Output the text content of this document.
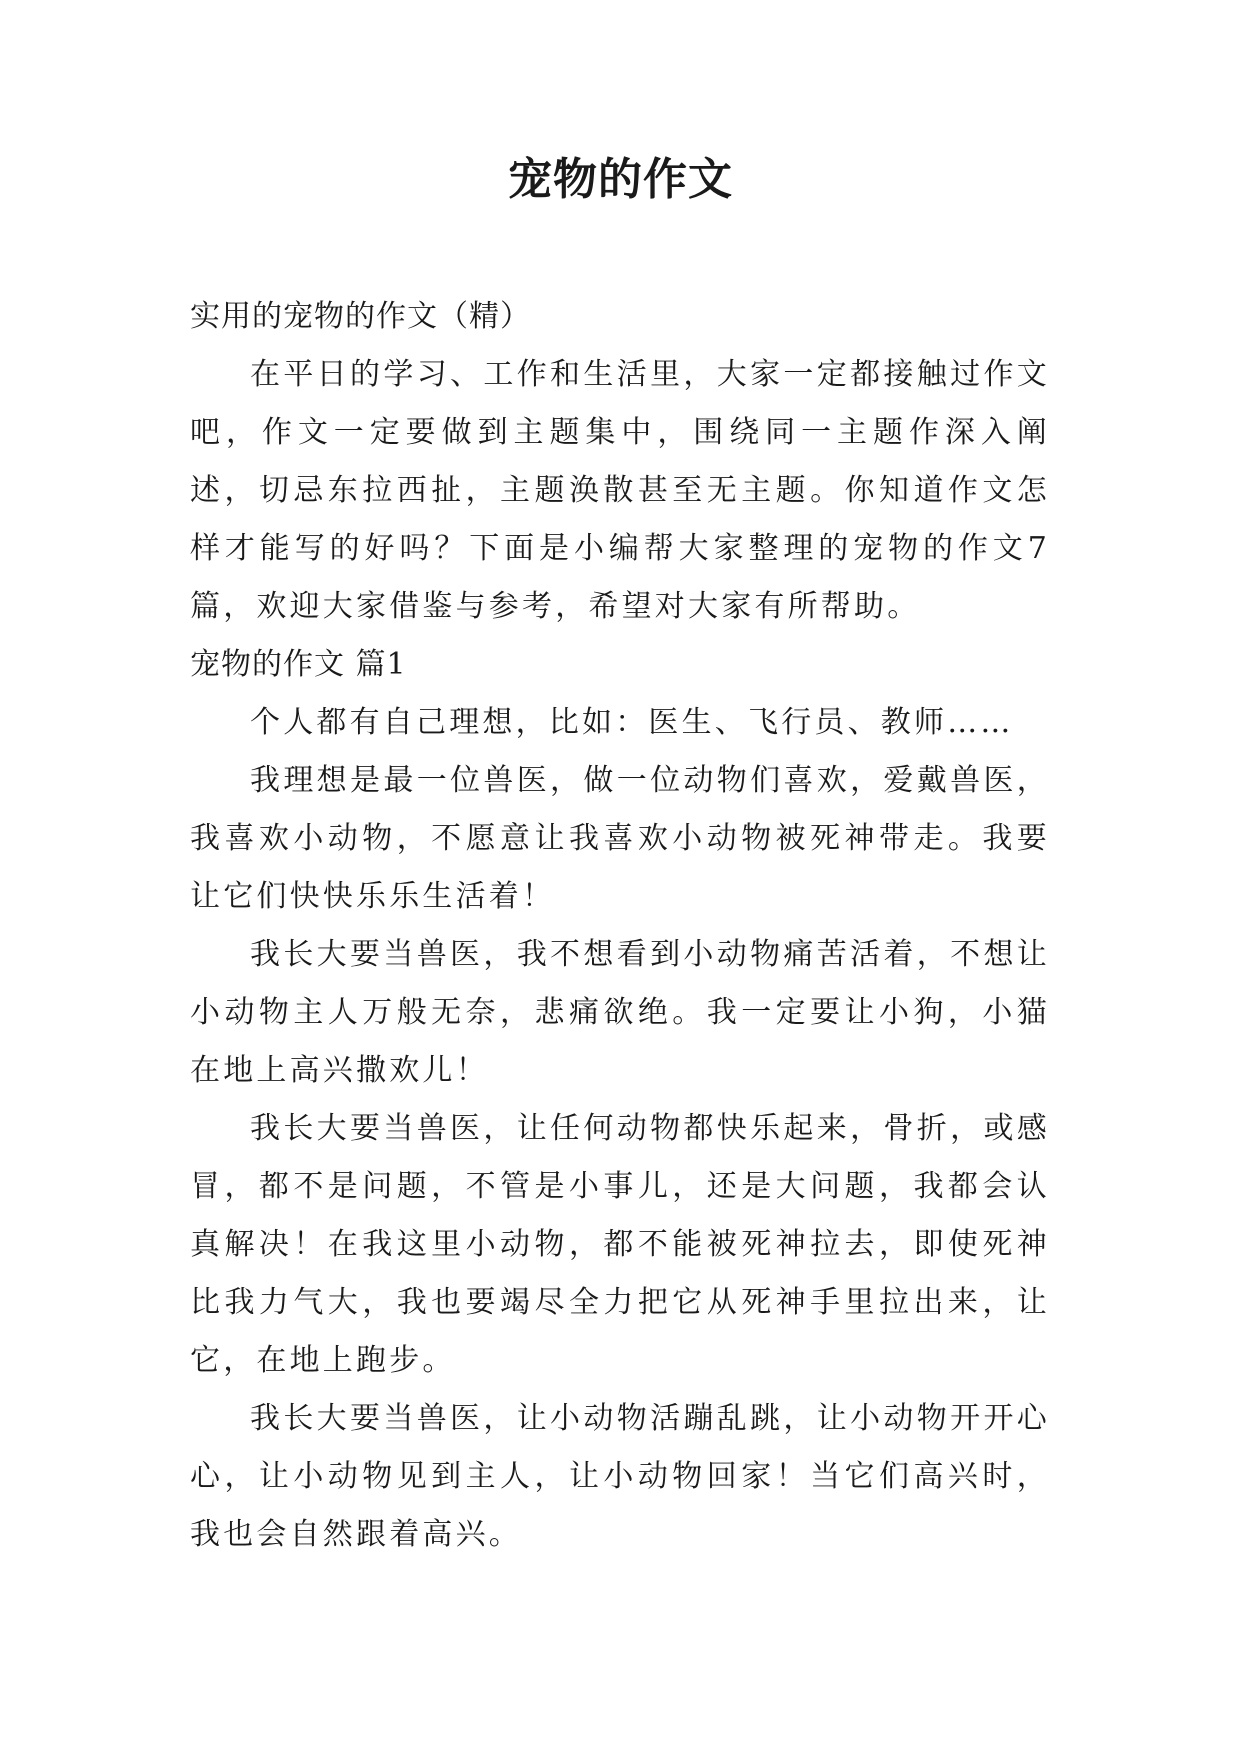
宠物的作文
实用的宠物的作文（精）

在平日的学习、工作和生活里，大家一定都接触过作文吧，作文一定要做到主题集中，围绕同一主题作深入阐述，切忌东拉西扯，主题涣散甚至无主题。你知道作文怎样才能写的好吗？下面是小编帮大家整理的宠物的作文7篇，欢迎大家借鉴与参考，希望对大家有所帮助。

宠物的作文 篇1

个人都有自己理想，比如：医生、飞行员、教师……

我理想是最一位兽医，做一位动物们喜欢，爱戴兽医，我喜欢小动物，不愿意让我喜欢小动物被死神带走。我要让它们快快乐乐生活着！

我长大要当兽医，我不想看到小动物痛苦活着，不想让小动物主人万般无奈，悲痛欲绝。我一定要让小狗，小猫在地上高兴撒欢儿！

我长大要当兽医，让任何动物都快乐起来，骨折，或感冒，都不是问题，不管是小事儿，还是大问题，我都会认真解决！在我这里小动物，都不能被死神拉去，即使死神比我力气大，我也要竭尽全力把它从死神手里拉出来，让它，在地上跑步。

我长大要当兽医，让小动物活蹦乱跳，让小动物开开心心，让小动物见到主人，让小动物回家！当它们高兴时，我也会自然跟着高兴。
